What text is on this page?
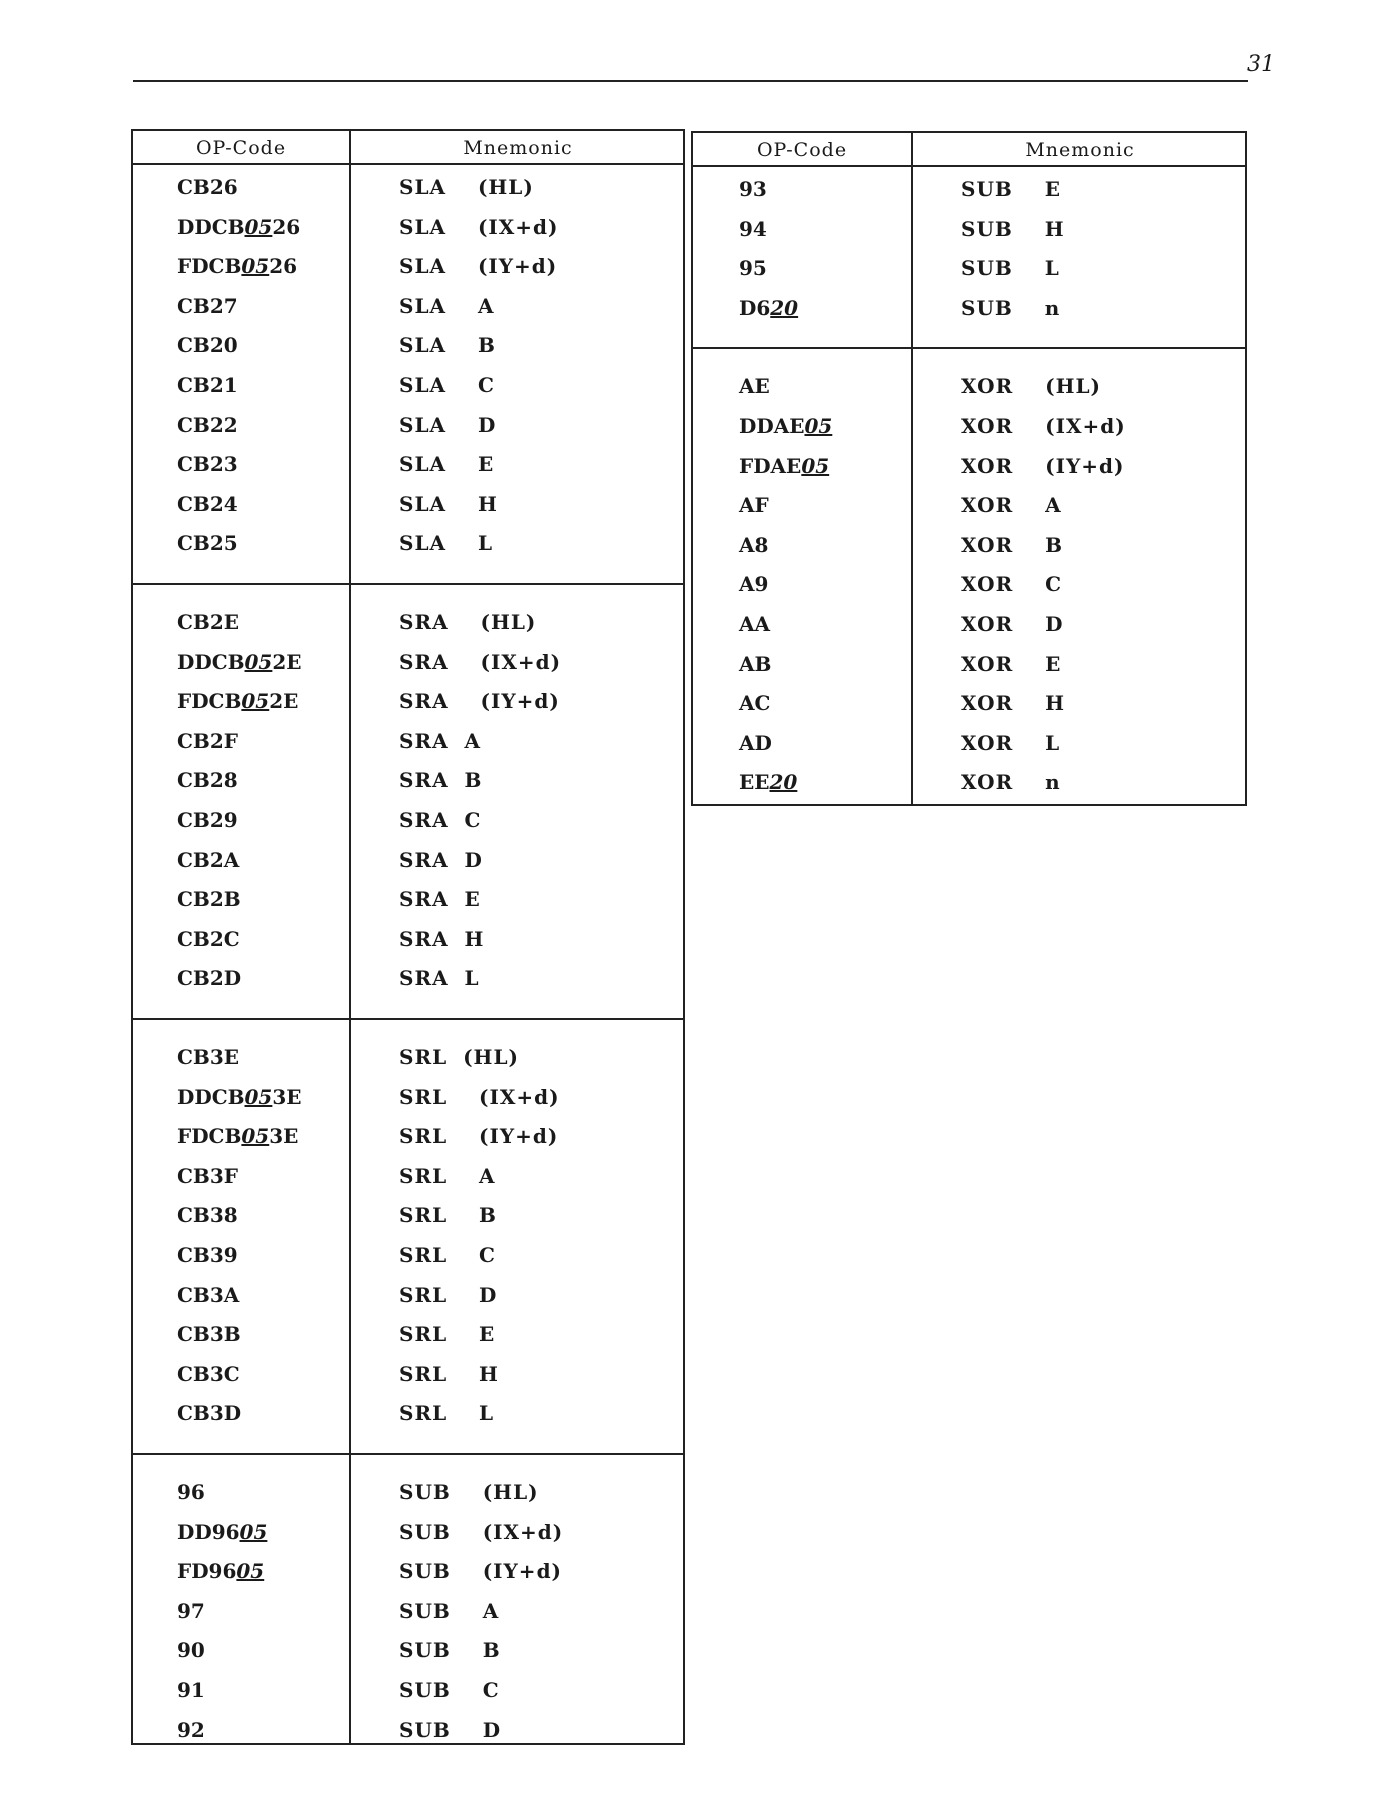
31
OP-Code	Mnemonic
CB26	SLA  (HL)
DDCB0526	SLA  (IX+d)
FDCB0526	SLA  (IY+d)
CB27	SLA  A
CB20	SLA  B
CB21	SLA  C
CB22	SLA  D
CB23	SLA  E
CB24	SLA  H
CB25	SLA  L
CB2E	SRA  (HL)
DDCB052E	SRA  (IX+d)
FDCB052E	SRA  (IY+d)
CB2F	SRA A
CB28	SRA B
CB29	SRA C
CB2A	SRA D
CB2B	SRA E
CB2C	SRA H
CB2D	SRA L
CB3E	SRL (HL)
DDCB053E	SRL  (IX+d)
FDCB053E	SRL  (IY+d)
CB3F	SRL  A
CB38	SRL  B
CB39	SRL  C
CB3A	SRL  D
CB3B	SRL  E
CB3C	SRL  H
CB3D	SRL  L
96	SUB  (HL)
DD9605	SUB  (IX+d)
FD9605	SUB  (IY+d)
97	SUB  A
90	SUB  B
91	SUB  C
92	SUB  D
OP-Code	Mnemonic
93	SUB  E
94	SUB  H
95	SUB  L
D620	SUB  n
AE	XOR  (HL)
DDAE05	XOR  (IX+d)
FDAE05	XOR  (IY+d)
AF	XOR  A
A8	XOR  B
A9	XOR  C
AA	XOR  D
AB	XOR  E
AC	XOR  H
AD	XOR  L
EE20	XOR  n
